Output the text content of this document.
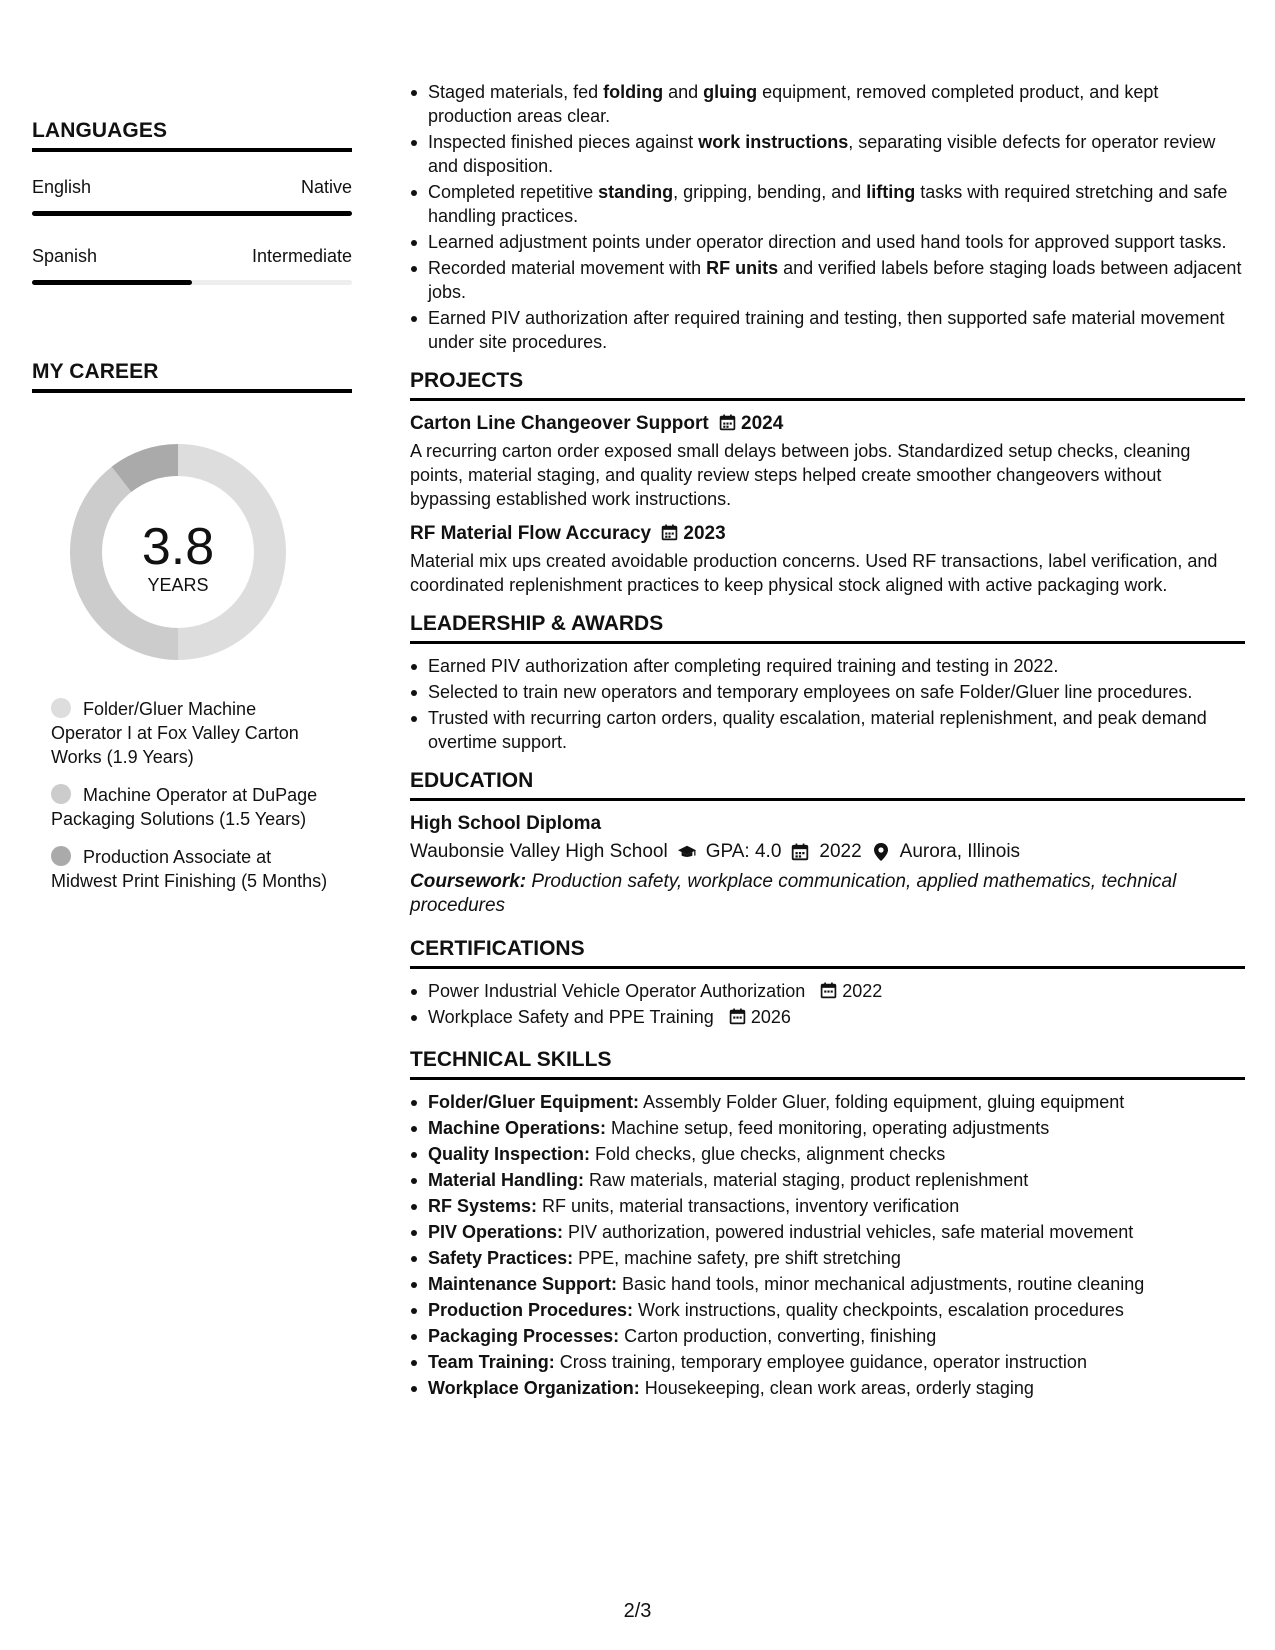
LANGUAGES
English	Native
Spanish	Intermediate
MY CAREER
3.8
YEARS
Folder/Gluer Machine Operator I at Fox Valley Carton Works (1.9 Years)
Machine Operator at DuPage Packaging Solutions (1.5 Years)
Production Associate at Midwest Print Finishing (5 Months)
Staged materials, fed folding and gluing equipment, removed completed product, and kept production areas clear.
Inspected finished pieces against work instructions, separating visible defects for operator review and disposition.
Completed repetitive standing, gripping, bending, and lifting tasks with required stretching and safe handling practices.
Learned adjustment points under operator direction and used hand tools for approved support tasks.
Recorded material movement with RF units and verified labels before staging loads between adjacent jobs.
Earned PIV authorization after required training and testing, then supported safe material movement under site procedures.
PROJECTS
Carton Line Changeover Support	2024
A recurring carton order exposed small delays between jobs. Standardized setup checks, cleaning points, material staging, and quality review steps helped create smoother changeovers without bypassing established work instructions.
RF Material Flow Accuracy	2023
Material mix ups created avoidable production concerns. Used RF transactions, label verification, and coordinated replenishment practices to keep physical stock aligned with active packaging work.
LEADERSHIP & AWARDS
Earned PIV authorization after completing required training and testing in 2022.
Selected to train new operators and temporary employees on safe Folder/Gluer line procedures.
Trusted with recurring carton orders, quality escalation, material replenishment, and peak demand overtime support.
EDUCATION
High School Diploma
Waubonsie Valley High School GPA: 4.0 2022 Aurora, Illinois
Coursework: Production safety, workplace communication, applied mathematics, technical procedures
CERTIFICATIONS
Power Industrial Vehicle Operator Authorization 2022
Workplace Safety and PPE Training 2026
TECHNICAL SKILLS
Folder/Gluer Equipment: Assembly Folder Gluer, folding equipment, gluing equipment
Machine Operations: Machine setup, feed monitoring, operating adjustments
Quality Inspection: Fold checks, glue checks, alignment checks
Material Handling: Raw materials, material staging, product replenishment
RF Systems: RF units, material transactions, inventory verification
PIV Operations: PIV authorization, powered industrial vehicles, safe material movement
Safety Practices: PPE, machine safety, pre shift stretching
Maintenance Support: Basic hand tools, minor mechanical adjustments, routine cleaning
Production Procedures: Work instructions, quality checkpoints, escalation procedures
Packaging Processes: Carton production, converting, finishing
Team Training: Cross training, temporary employee guidance, operator instruction
Workplace Organization: Housekeeping, clean work areas, orderly staging
2/3
